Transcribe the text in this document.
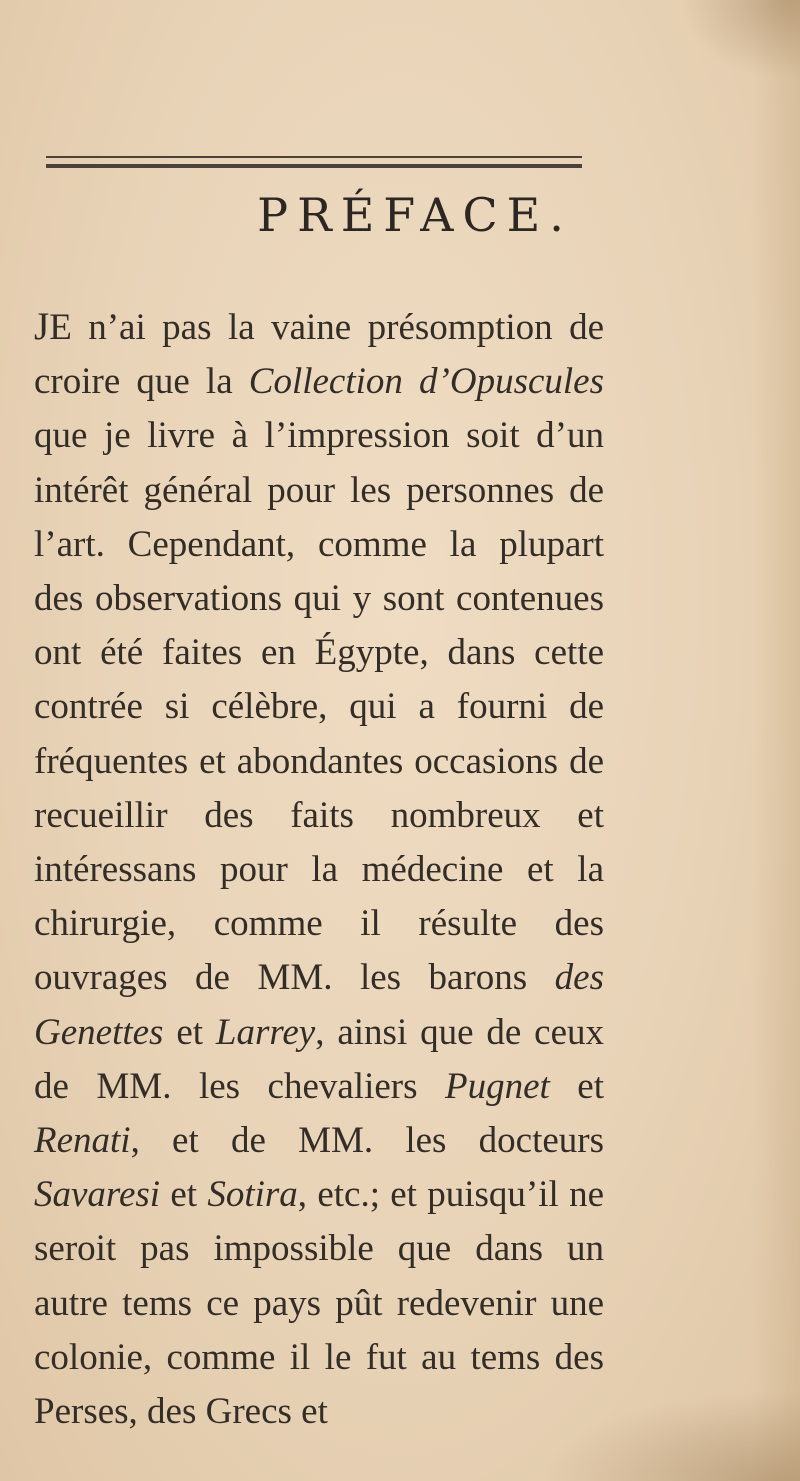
PRÉFACE.

JE n’ai pas la vaine présomption de croire que la Collection d’Opuscules que je livre à l’impression soit d’un intérêt général pour les personnes de l’art. Cependant, comme la plupart des observations qui y sont contenues ont été faites en Égypte, dans cette contrée si célèbre, qui a fourni de fréquentes et abondantes occasions de recueillir des faits nombreux et intéressans pour la médecine et la chirurgie, comme il résulte des ouvrages de MM. les barons des Genettes et Larrey, ainsi que de ceux de MM. les chevaliers Pugnet et Renati, et de MM. les docteurs Savaresi et Sotira, etc.; et puisqu’il ne seroit pas impossible que dans un autre tems ce pays pût redevenir une colonie, comme il le fut au tems des Perses, des Grecs et
